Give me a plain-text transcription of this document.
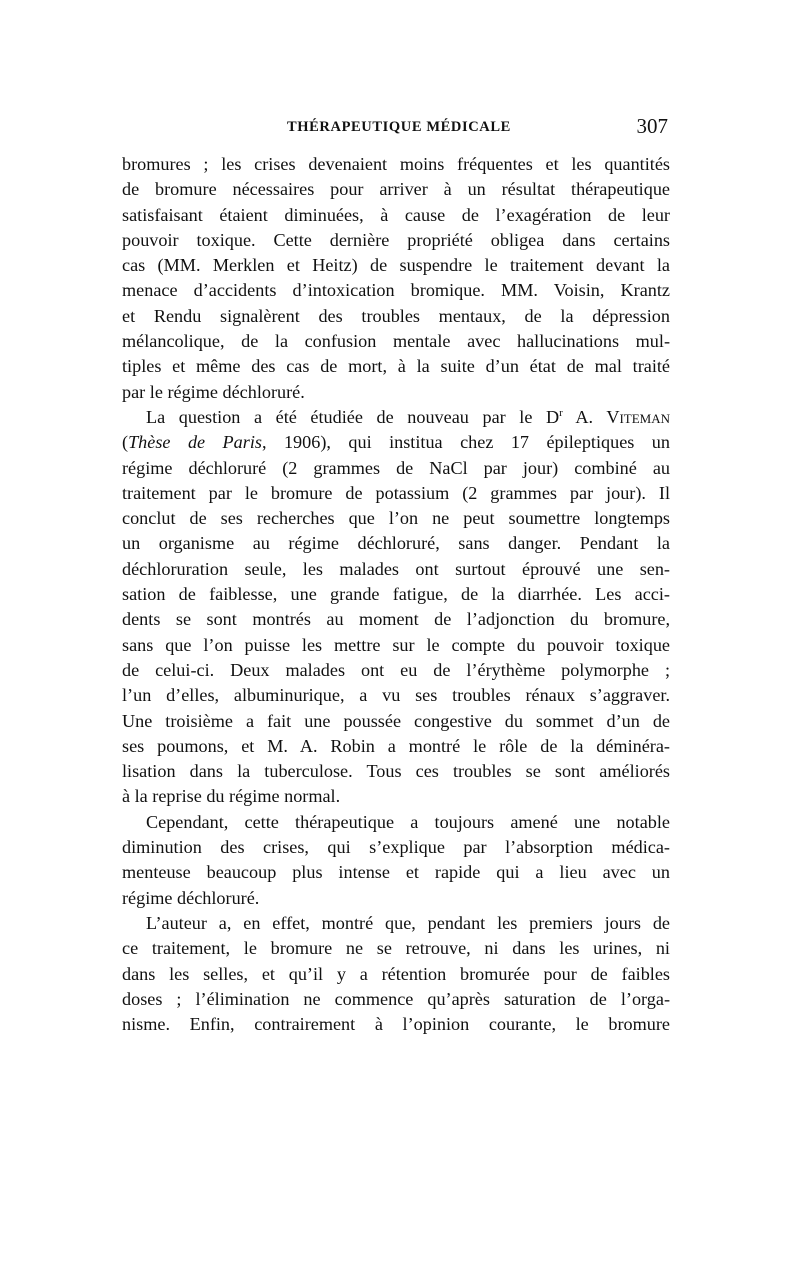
THÉRAPEUTIQUE MÉDICALE	307
bromures ; les crises devenaient moins fréquentes et les quantités
de bromure nécessaires pour arriver à un résultat thérapeutique
satisfaisant étaient diminuées, à cause de l’exagération de leur
pouvoir toxique. Cette dernière propriété obligea dans certains
cas (MM. Merklen et Heitz) de suspendre le traitement devant la
menace d’accidents d’intoxication bromique. MM. Voisin, Krantz
et Rendu signalèrent des troubles mentaux, de la dépression
mélancolique, de la confusion mentale avec hallucinations mul-
tiples et même des cas de mort, à la suite d’un état de mal traité
par le régime déchloruré.
La question a été étudiée de nouveau par le $D^r$ A. Viteman
(Thèse de Paris, 1906), qui institua chez 17 épileptiques un
régime déchloruré (2 grammes de NaCl par jour) combiné au
traitement par le bromure de potassium (2 grammes par jour). Il
conclut de ses recherches que l’on ne peut soumettre longtemps
un organisme au régime déchloruré, sans danger. Pendant la
déchloruration seule, les malades ont surtout éprouvé une sen-
sation de faiblesse, une grande fatigue, de la diarrhée. Les acci-
dents se sont montrés au moment de l’adjonction du bromure,
sans que l’on puisse les mettre sur le compte du pouvoir toxique
de celui-ci. Deux malades ont eu de l’érythème polymorphe ;
l’un d’elles, albuminurique, a vu ses troubles rénaux s’aggraver.
Une troisième a fait une poussée congestive du sommet d’un de
ses poumons, et M. A. Robin a montré le rôle de la déminéra-
lisation dans la tuberculose. Tous ces troubles se sont améliorés
à la reprise du régime normal.
Cependant, cette thérapeutique a toujours amené une notable
diminution des crises, qui s’explique par l’absorption médica-
menteuse beaucoup plus intense et rapide qui a lieu avec un
régime déchloruré.
L’auteur a, en effet, montré que, pendant les premiers jours de
ce traitement, le bromure ne se retrouve, ni dans les urines, ni
dans les selles, et qu’il y a rétention bromurée pour de faibles
doses ; l’élimination ne commence qu’après saturation de l’orga-
nisme. Enfin, contrairement à l’opinion courante, le bromure
